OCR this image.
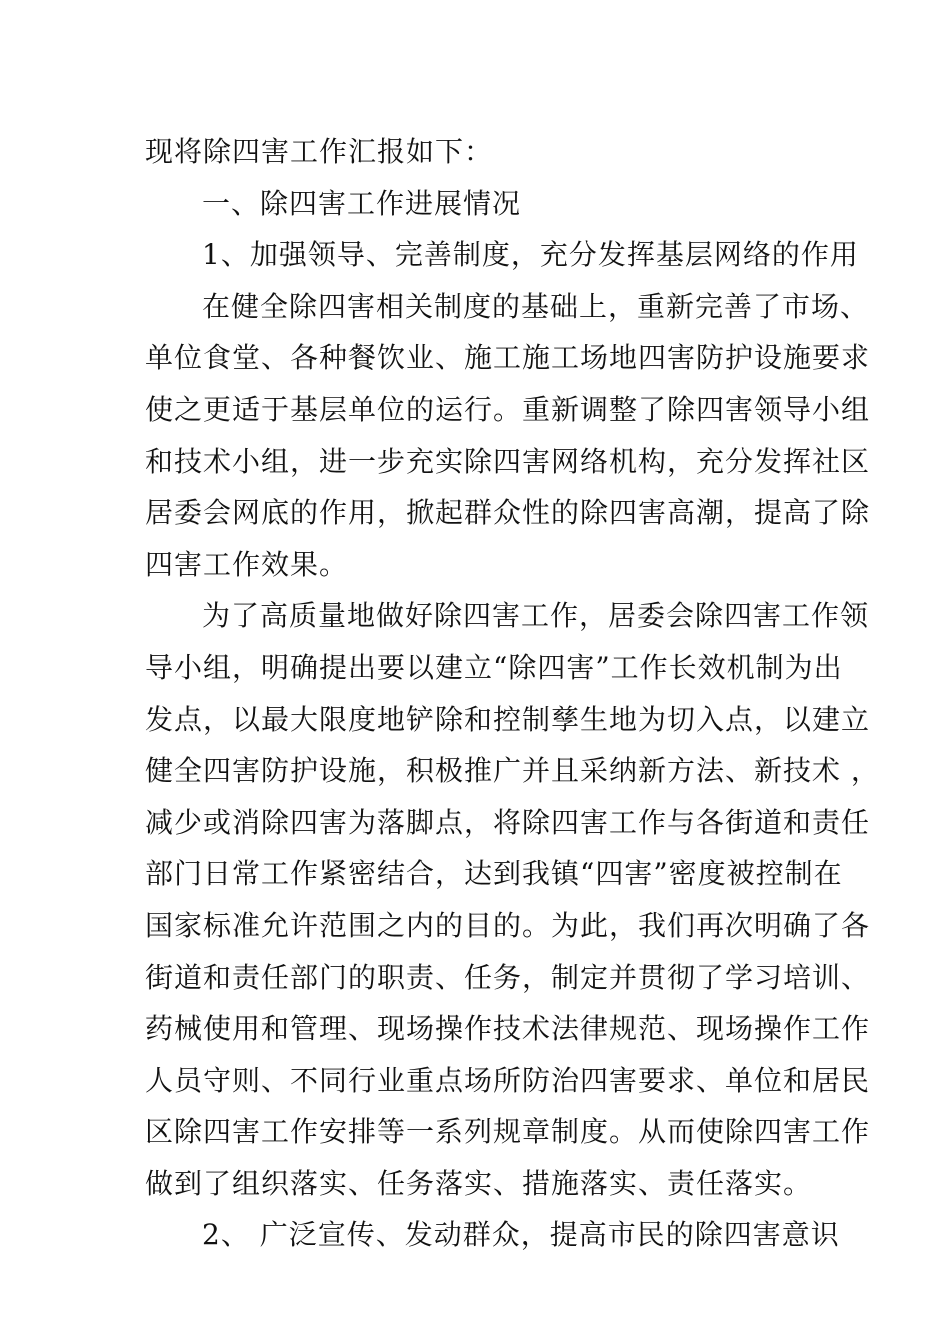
现将除四害工作汇报如下：
一、除四害工作进展情况
1、加强领导、完善制度，充分发挥基层网络的作用
在健全除四害相关制度的基础上，重新完善了市场、
单位食堂、各种餐饮业、施工施工场地四害防护设施要求
使之更适于基层单位的运行。重新调整了除四害领导小组
和技术小组，进一步充实除四害网络机构，充分发挥社区
居委会网底的作用，掀起群众性的除四害高潮，提高了除
四害工作效果。
为了高质量地做好除四害工作，居委会除四害工作领
导小组，明确提出要以建立“除四害”工作长效机制为出
发点，以最大限度地铲除和控制孳生地为切入点，以建立
健全四害防护设施，积极推广并且采纳新方法、新技术 ，
减少或消除四害为落脚点，将除四害工作与各街道和责任
部门日常工作紧密结合，达到我镇“四害”密度被控制在
国家标准允许范围之内的目的。为此，我们再次明确了各
街道和责任部门的职责、任务，制定并贯彻了学习培训、
药械使用和管理、现场操作技术法律规范、现场操作工作
人员守则、不同行业重点场所防治四害要求、单位和居民
区除四害工作安排等一系列规章制度。从而使除四害工作
做到了组织落实、任务落实、措施落实、责任落实。
2、 广泛宣传、发动群众，提高市民的除四害意识
